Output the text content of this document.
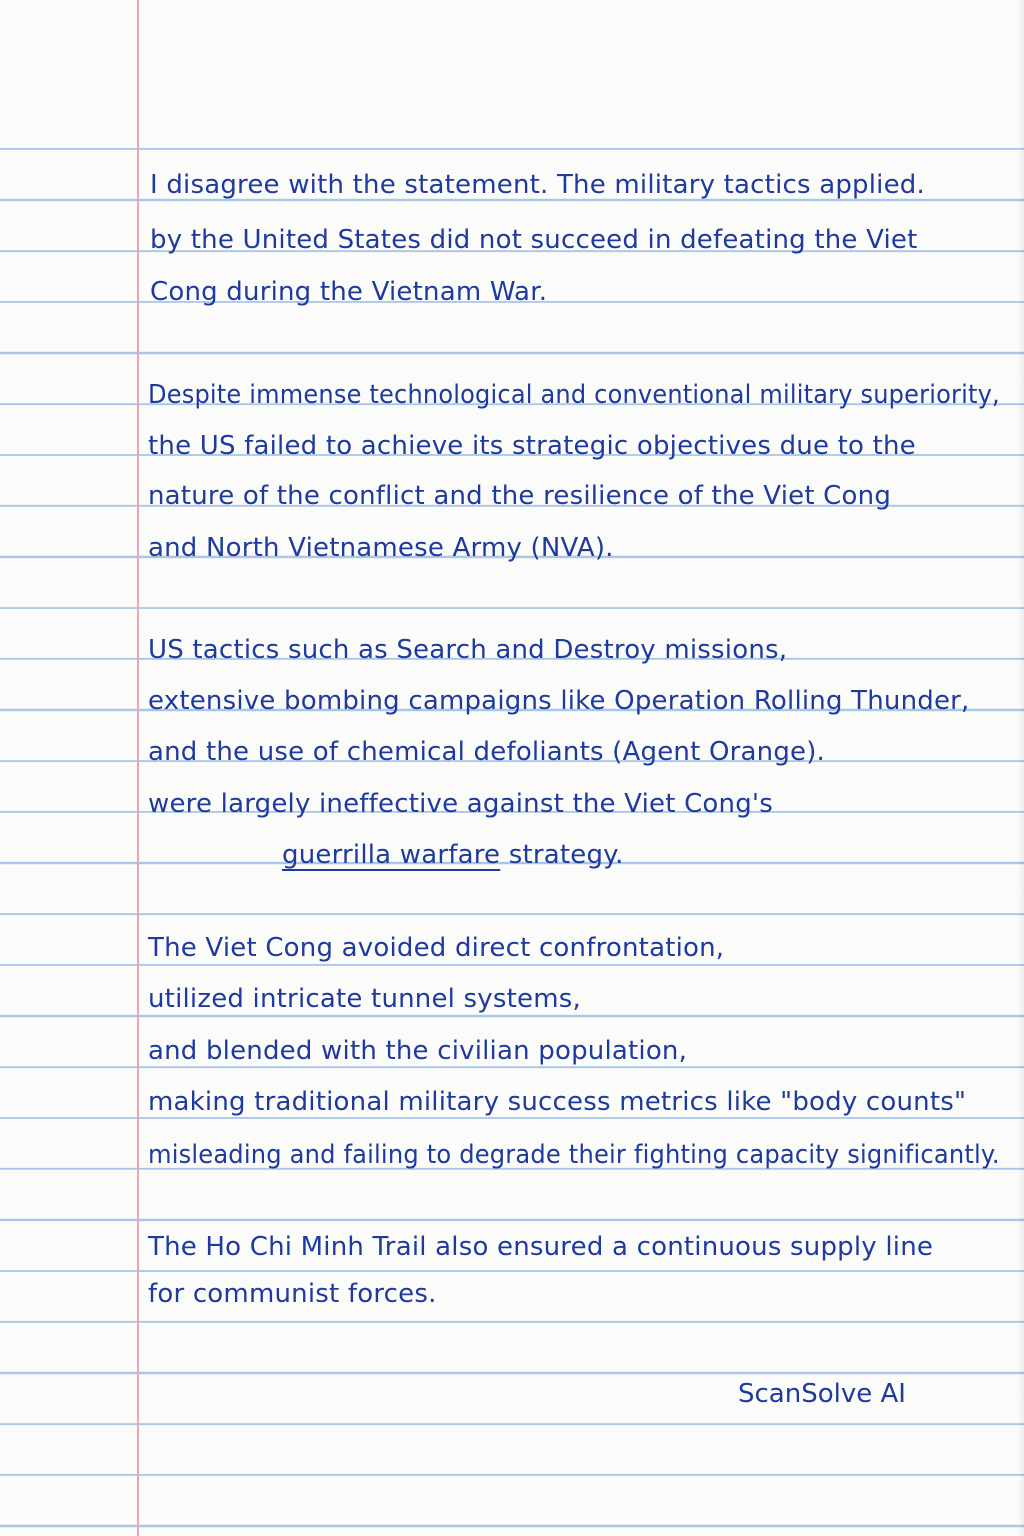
I disagree with the statement. The military tactics applied.
by the United States did not succeed in defeating the Viet
Cong during the Vietnam War.
Despite immense technological and conventional military superiority,
the US failed to achieve its strategic objectives due to the
nature of the conflict and the resilience of the Viet Cong
and North Vietnamese Army (NVA).
US tactics such as Search and Destroy missions,
extensive bombing campaigns like Operation Rolling Thunder,
and the use of chemical defoliants (Agent Orange).
were largely ineffective against the Viet Cong's
guerrilla warfare strategy.
The Viet Cong avoided direct confrontation,
utilized intricate tunnel systems,
and blended with the civilian population,
making traditional military success metrics like "body counts"
misleading and failing to degrade their fighting capacity significantly.
The Ho Chi Minh Trail also ensured a continuous supply line
for communist forces.
ScanSolve AI
